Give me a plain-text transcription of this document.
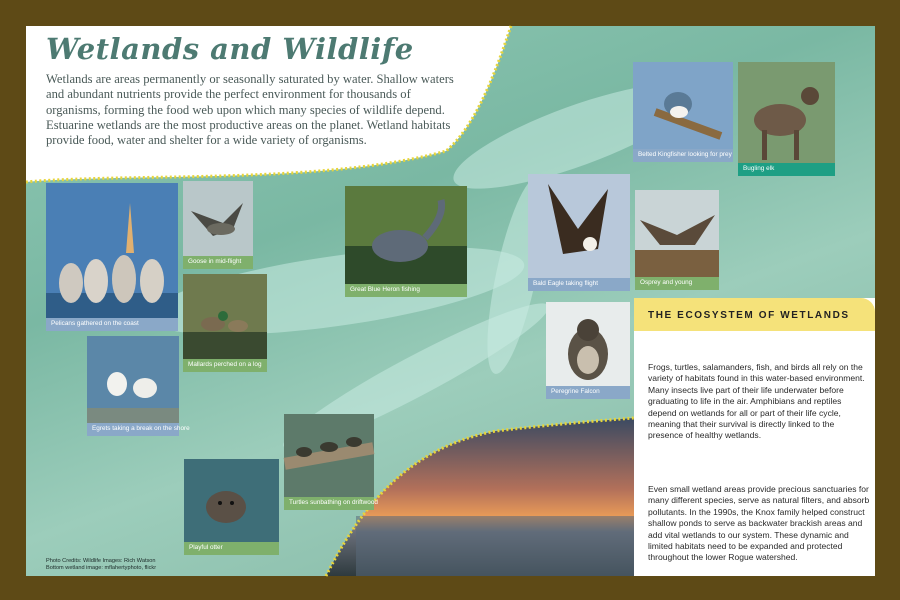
Wetlands and Wildlife

Wetlands are areas permanently or seasonally saturated by water. Shallow waters and abundant nutrients provide the perfect environment for thousands of organisms, forming the food web upon which many species of wildlife depend. Estuarine wetlands are the most productive areas on the planet. Wetland habitats provide food, water and shelter for a wide variety of organisms.

Pelicans gathered on the coast
Goose in mid-flight
Mallards perched on a log
Egrets taking a break on the shore
Playful otter
Turtles sunbathing on driftwood
Great Blue Heron fishing
Bald Eagle taking flight	Osprey and young
Belted Kingfisher looking for prey
Bugling elk
Peregrine Falcon
THE ECOSYSTEM OF WETLANDS

Frogs, turtles, salamanders, fish, and birds all rely on the variety of habitats found in this water-based environment. Many insects live part of their life underwater before graduating to life in the air. Amphibians and reptiles depend on wetlands for all or part of their life cycle, meaning that their survival is directly linked to the presence of healthy wetlands.

Even small wetland areas provide precious sanctuaries for many different species, serve as natural filters, and absorb pollutants. In the 1990s, the Knox family helped construct shallow ponds to serve as backwater brackish areas and add vital wetlands to our system. These dynamic and limited habitats need to be expanded and protected throughout the lower Rogue watershed.

Photo Credits: Wildlife Images: Rich Watson
Bottom wetland image: mflahertyphoto, flickr
